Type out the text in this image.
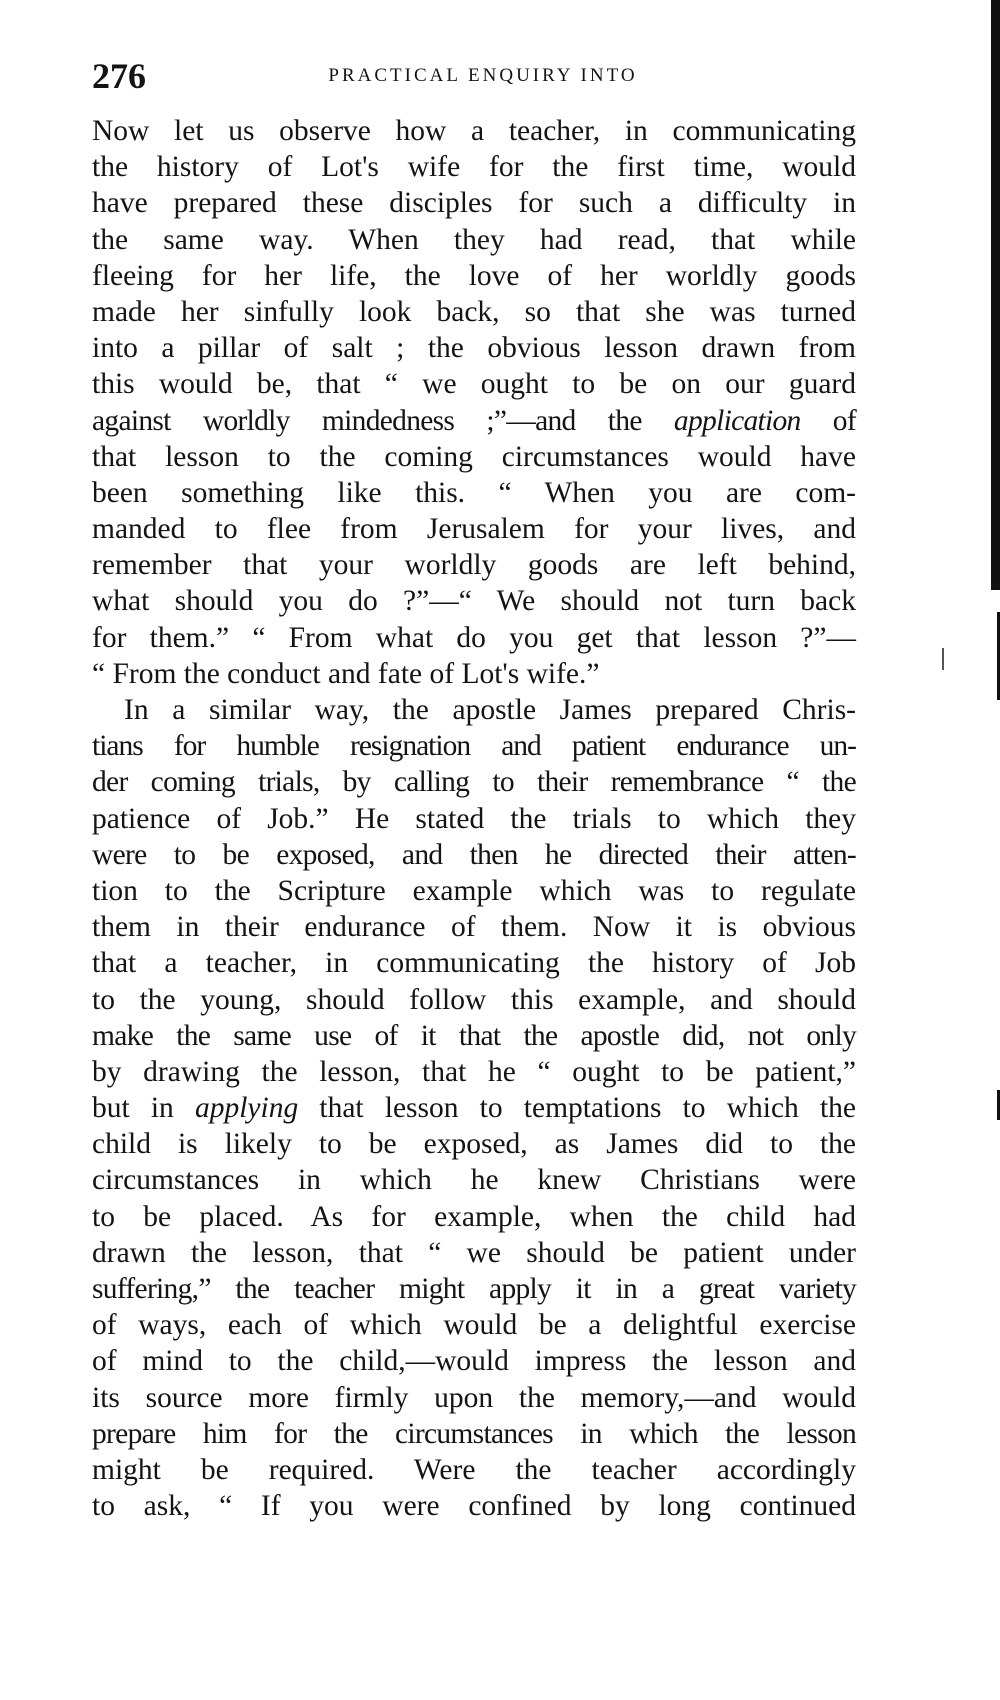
276	PRACTICAL ENQUIRY INTO
Now let us observe how a teacher, in communicating
the history of Lot's wife for the first time, would
have prepared these disciples for such a difficulty in
the same way. When they had read, that while
fleeing for her life, the love of her worldly goods
made her sinfully look back, so that she was turned
into a pillar of salt ; the obvious lesson drawn from
this would be, that “ we ought to be on our guard
against worldly mindedness ;”—and the application of
that lesson to the coming circumstances would have
been something like this. “ When you are com-
manded to flee from Jerusalem for your lives, and
remember that your worldly goods are left behind,
what should you do ?”—“ We should not turn back
for them.” “ From what do you get that lesson ?”—
“ From the conduct and fate of Lot's wife.”
In a similar way, the apostle James prepared Chris-
tians for humble resignation and patient endurance un-
der coming trials, by calling to their remembrance “ the
patience of Job.” He stated the trials to which they
were to be exposed, and then he directed their atten-
tion to the Scripture example which was to regulate
them in their endurance of them. Now it is obvious
that a teacher, in communicating the history of Job
to the young, should follow this example, and should
make the same use of it that the apostle did, not only
by drawing the lesson, that he “ ought to be patient,”
but in applying that lesson to temptations to which the
child is likely to be exposed, as James did to the
circumstances in which he knew Christians were
to be placed. As for example, when the child had
drawn the lesson, that “ we should be patient under
suffering,” the teacher might apply it in a great variety
of ways, each of which would be a delightful exercise
of mind to the child,—would impress the lesson and
its source more firmly upon the memory,—and would
prepare him for the circumstances in which the lesson
might be required. Were the teacher accordingly
to ask, “ If you were confined by long continued
